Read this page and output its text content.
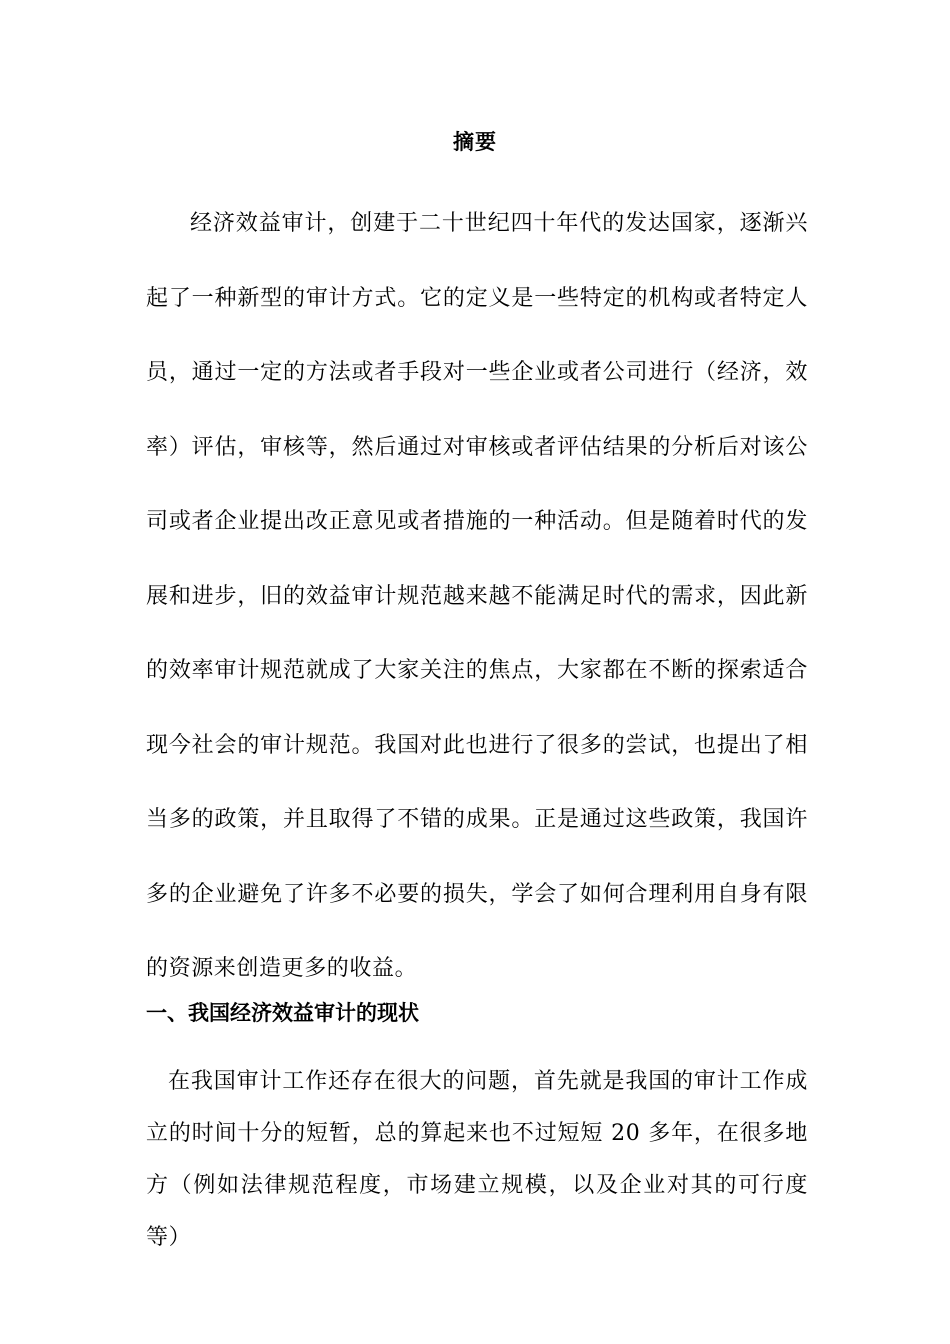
摘要

经济效益审计，创建于二十世纪四十年代的发达国家，逐渐兴起了一种新型的审计方式。它的定义是一些特定的机构或者特定人员，通过一定的方法或者手段对一些企业或者公司进行（经济，效率）评估，审核等，然后通过对审核或者评估结果的分析后对该公司或者企业提出改正意见或者措施的一种活动。但是随着时代的发展和进步，旧的效益审计规范越来越不能满足时代的需求，因此新的效率审计规范就成了大家关注的焦点，大家都在不断的探索适合现今社会的审计规范。我国对此也进行了很多的尝试，也提出了相当多的政策，并且取得了不错的成果。正是通过这些政策，我国许多的企业避免了许多不必要的损失，学会了如何合理利用自身有限的资源来创造更多的收益。

一、我国经济效益审计的现状

在我国审计工作还存在很大的问题，首先就是我国的审计工作成立的时间十分的短暂，总的算起来也不过短短 20 多年，在很多地方（例如法律规范程度，市场建立规模，以及企业对其的可行度等）
